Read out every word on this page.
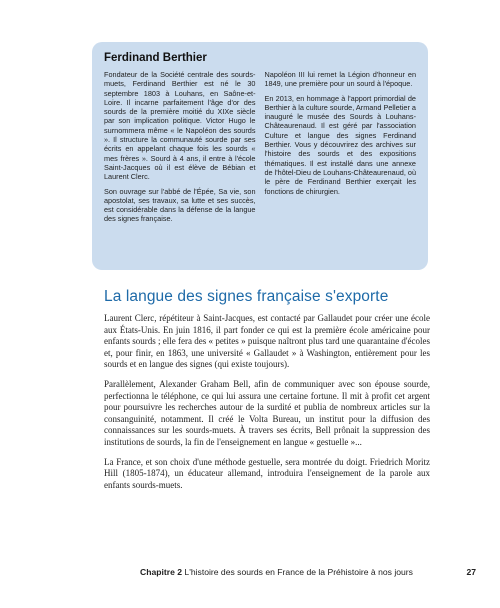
Ferdinand Berthier

Fondateur de la Société centrale des sourds-muets, Ferdinand Berthier est né le 30 septembre 1803 à Louhans, en Saône-et-Loire. Il incarne parfaitement l'âge d'or des sourds de la première moitié du XIXe siècle par son implication politique. Victor Hugo le surnommera même « le Napoléon des sourds ». Il structure la communauté sourde par ses écrits en appelant chaque fois les sourds « mes frères ». Sourd à 4 ans, il entre à l'école Saint-Jacques où il est élève de Bébian et Laurent Clerc.

Son ouvrage sur l'abbé de l'Épée, Sa vie, son apostolat, ses travaux, sa lutte et ses succès, est considérable dans la défense de la langue des signes française.

Napoléon III lui remet la Légion d'honneur en 1849, une première pour un sourd à l'époque.

En 2013, en hommage à l'apport primordial de Berthier à la culture sourde, Armand Pelletier a inauguré le musée des Sourds à Louhans-Châteaurenaud. Il est géré par l'association Culture et langue des signes Ferdinand Berthier. Vous y découvrirez des archives sur l'histoire des sourds et des expositions thématiques. Il est installé dans une annexe de l'hôtel-Dieu de Louhans-Châteaurenaud, où le père de Ferdinand Berthier exerçait les fonctions de chirurgien.

La langue des signes française s'exporte

Laurent Clerc, répétiteur à Saint-Jacques, est contacté par Gallaudet pour créer une école aux États-Unis. En juin 1816, il part fonder ce qui est la première école américaine pour enfants sourds ; elle fera des « petites » puisque naîtront plus tard une quarantaine d'écoles et, pour finir, en 1863, une université « Gallaudet » à Washington, entièrement pour les sourds et en langue des signes (qui existe toujours).

Parallèlement, Alexander Graham Bell, afin de communiquer avec son épouse sourde, perfectionna le téléphone, ce qui lui assura une certaine fortune. Il mit à profit cet argent pour poursuivre les recherches autour de la surdité et publia de nombreux articles sur la consanguinité, notamment. Il créé le Volta Bureau, un institut pour la diffusion des connaissances sur les sourds-muets. À travers ses écrits, Bell prônait la suppression des institutions de sourds, la fin de l'enseignement en langue « gestuelle »...

La France, et son choix d'une méthode gestuelle, sera montrée du doigt. Friedrich Moritz Hill (1805-1874), un éducateur allemand, introduira l'enseignement de la parole aux enfants sourds-muets.

Chapitre 2 L'histoire des sourds en France de la Préhistoire à nos jours	27
